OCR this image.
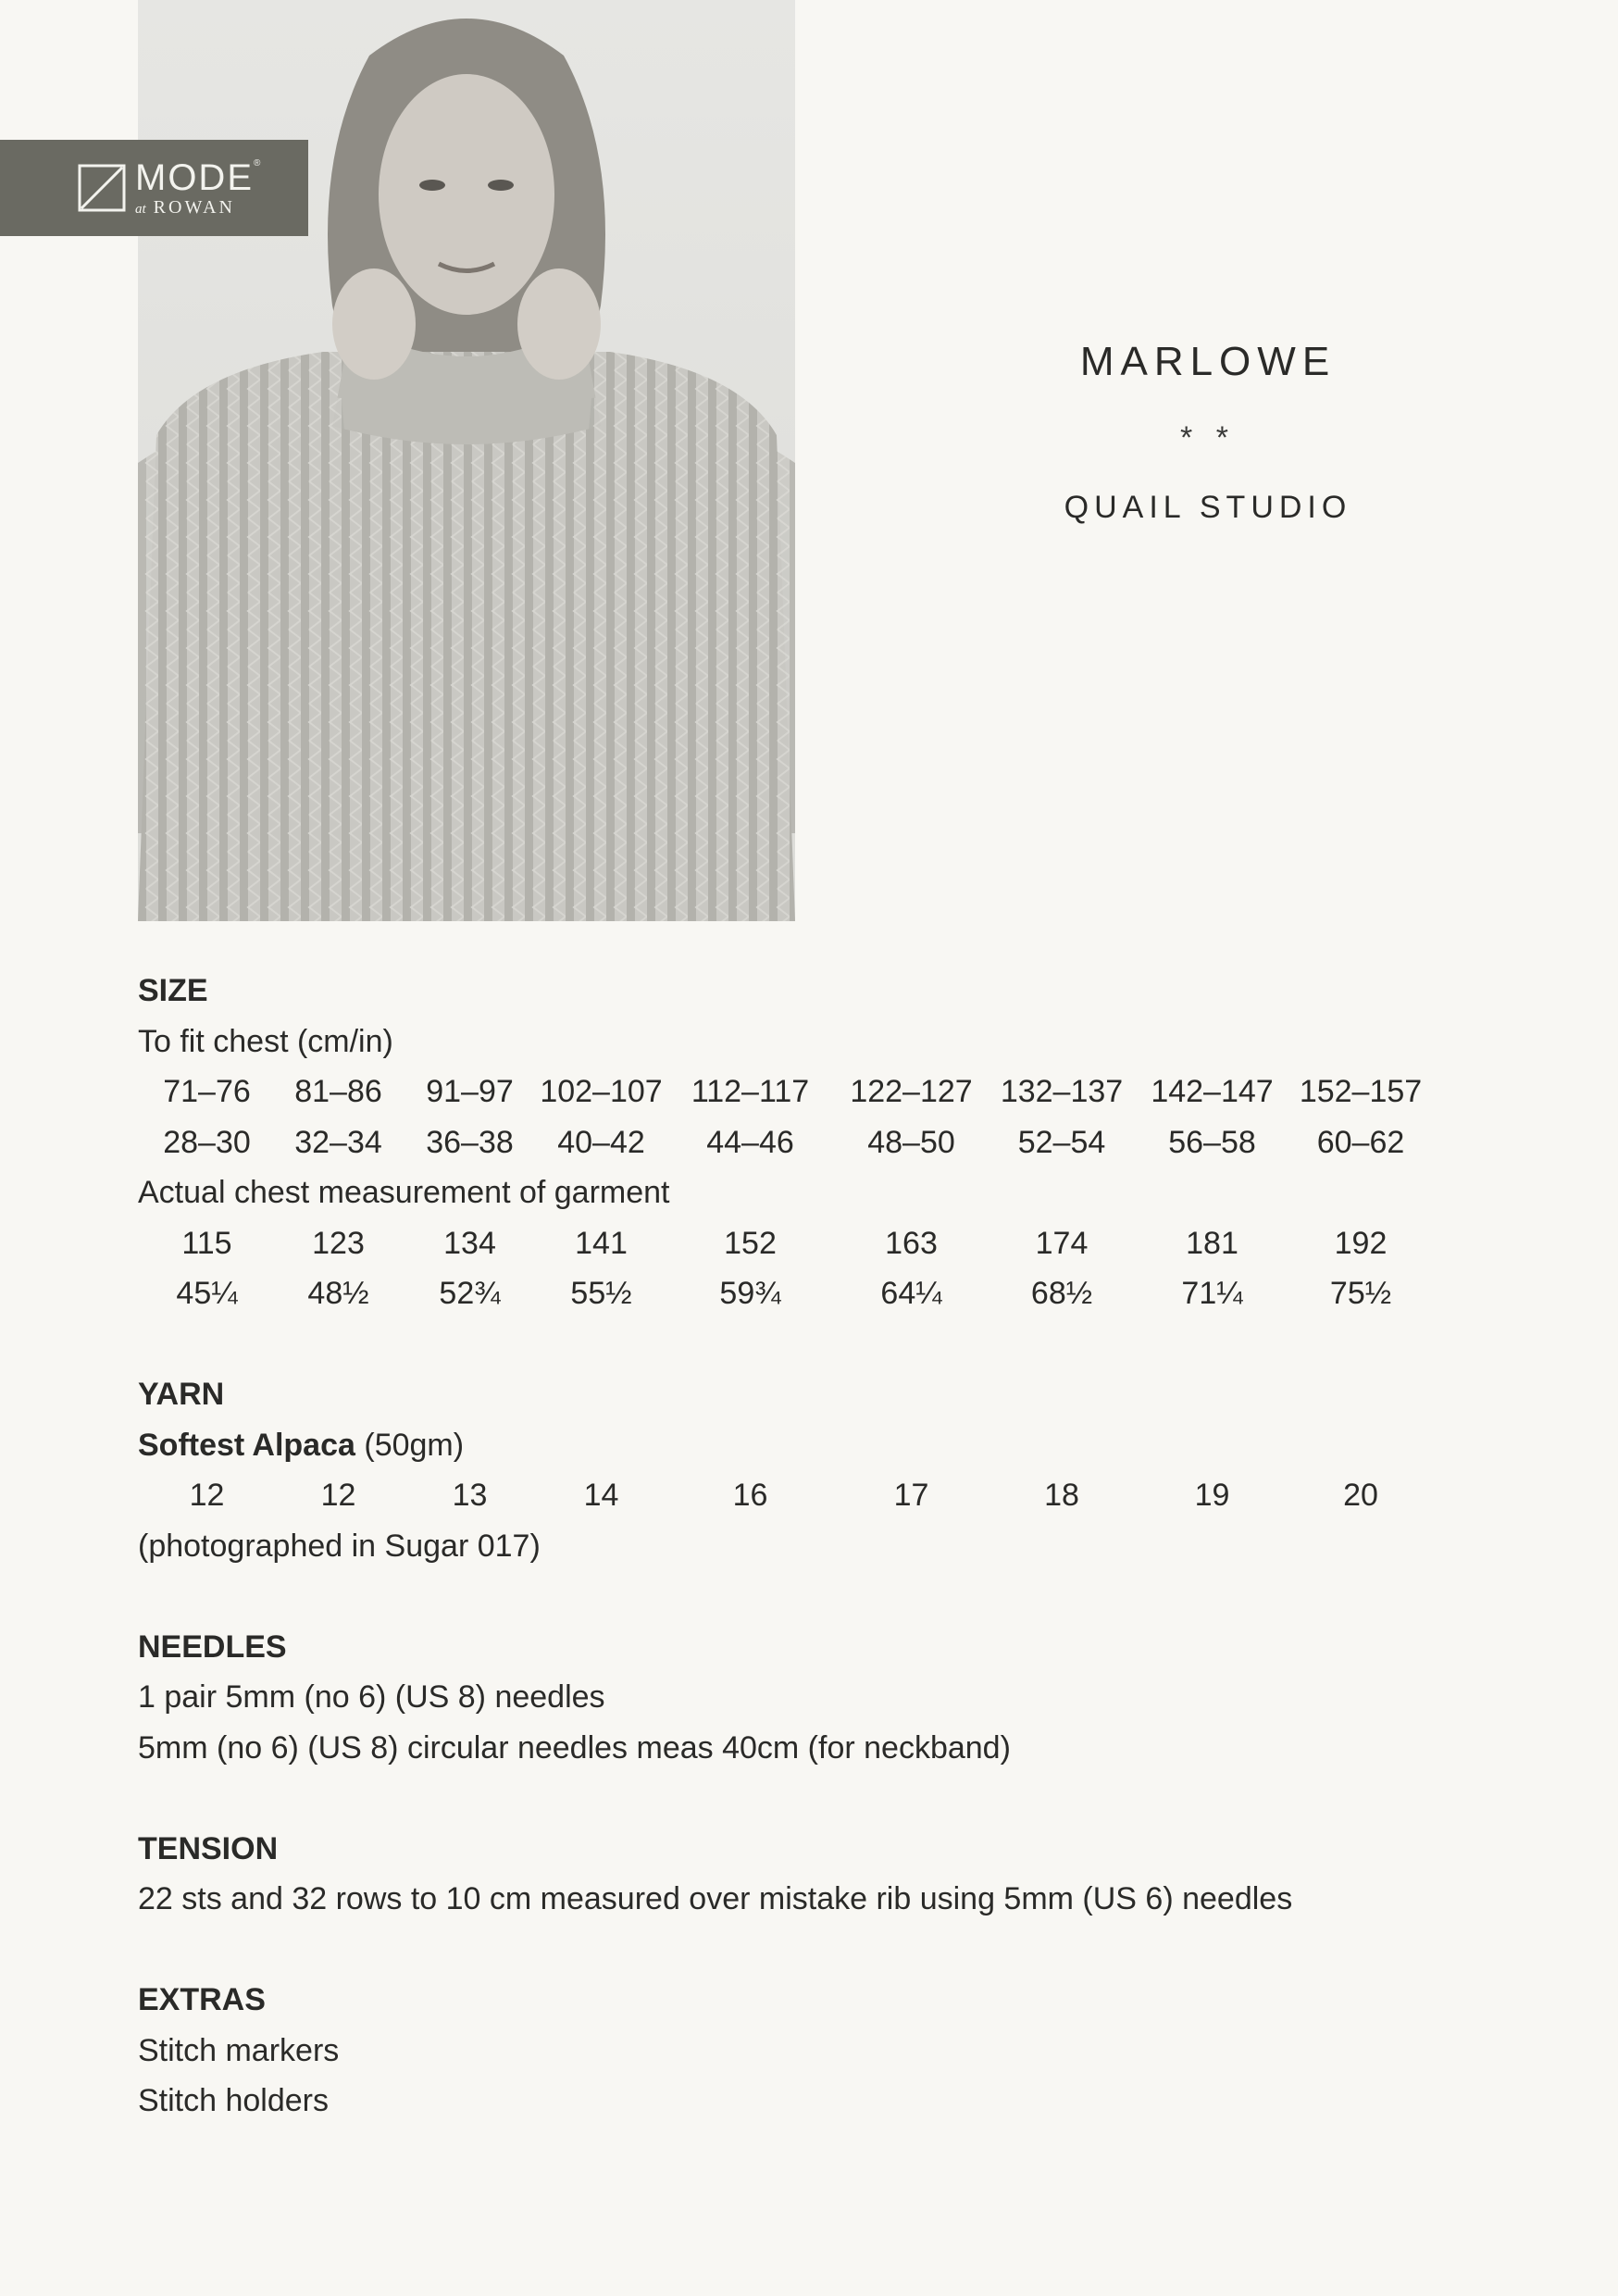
MODE®
at ROWAN
MARLOWE
* *
QUAIL STUDIO
SIZE
To fit chest (cm/in)
71–76	81–86	91–97 102–107 112–117	122–127 132–137 142–147 152–157
28–30	32–34	36–38	40–42	44–46	48–50	52–54	56–58	60–62
Actual chest measurement of garment
115	123	134	141	152	163	174	181	192
45¼	48½	52¾	55½	59¾	64¼	68½	71¼	75½
YARN
Softest Alpaca (50gm)
12	12	13	14	16	17	18	19	20
(photographed in Sugar 017)
NEEDLES
1 pair 5mm (no 6) (US 8) needles
5mm (no 6) (US 8) circular needles meas 40cm (for neckband)
TENSION
22 sts and 32 rows to 10 cm measured over mistake rib using 5mm (US 6) needles
EXTRAS
Stitch markers
Stitch holders
